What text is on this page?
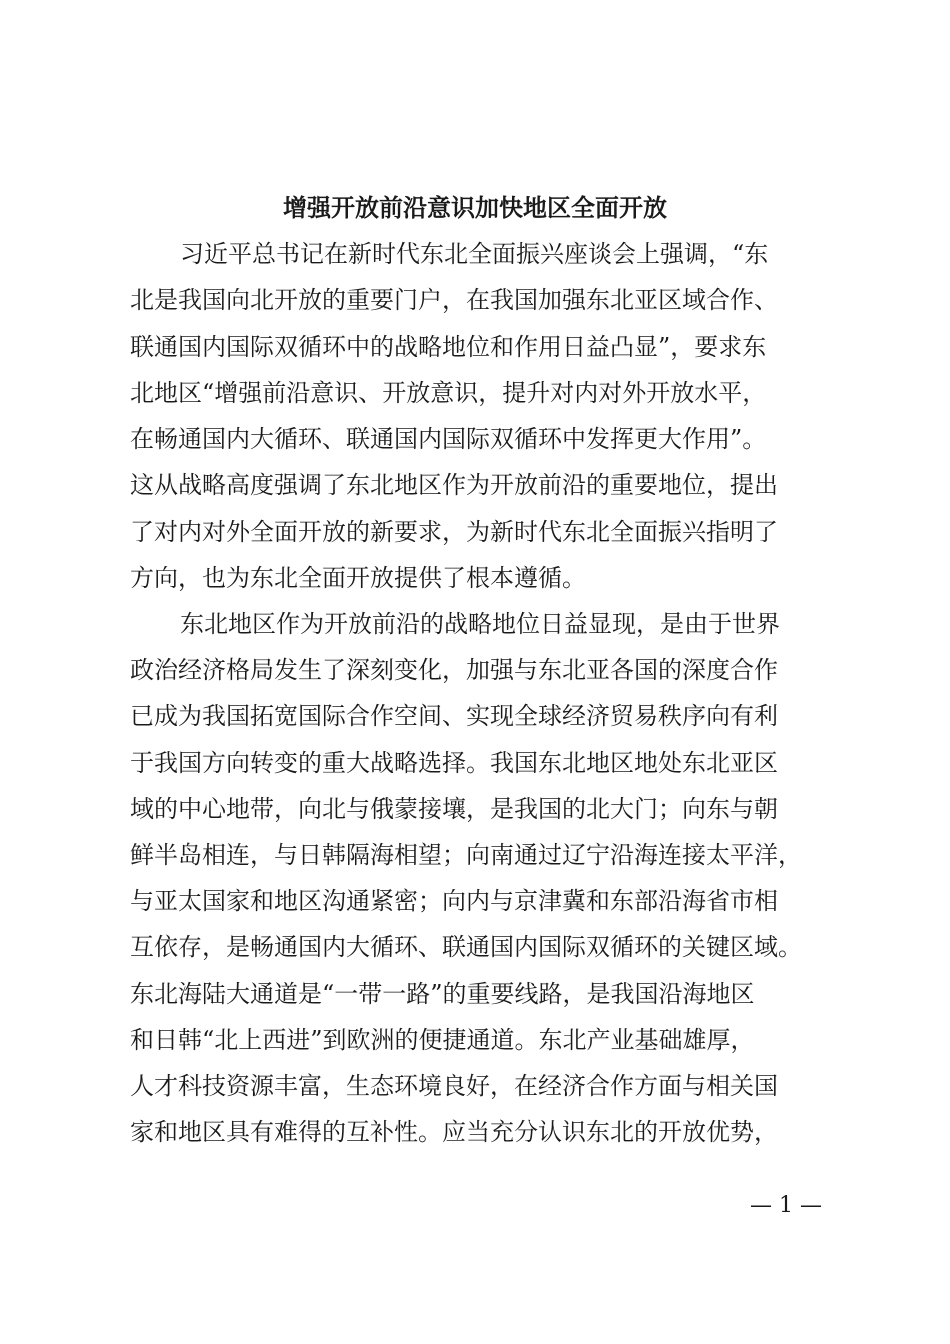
增强开放前沿意识加快地区全面开放
习近平总书记在新时代东北全面振兴座谈会上强调，“东
北是我国向北开放的重要门户，在我国加强东北亚区域合作、
联通国内国际双循环中的战略地位和作用日益凸显”，要求东
北地区“增强前沿意识、开放意识，提升对内对外开放水平，
在畅通国内大循环、联通国内国际双循环中发挥更大作用”。
这从战略高度强调了东北地区作为开放前沿的重要地位，提出
了对内对外全面开放的新要求，为新时代东北全面振兴指明了
方向，也为东北全面开放提供了根本遵循。
东北地区作为开放前沿的战略地位日益显现，是由于世界
政治经济格局发生了深刻变化，加强与东北亚各国的深度合作
已成为我国拓宽国际合作空间、实现全球经济贸易秩序向有利
于我国方向转变的重大战略选择。我国东北地区地处东北亚区
域的中心地带，向北与俄蒙接壤，是我国的北大门；向东与朝
鲜半岛相连，与日韩隔海相望；向南通过辽宁沿海连接太平洋，
与亚太国家和地区沟通紧密；向内与京津冀和东部沿海省市相
互依存，是畅通国内大循环、联通国内国际双循环的关键区域。
东北海陆大通道是“一带一路”的重要线路，是我国沿海地区
和日韩“北上西进”到欧洲的便捷通道。东北产业基础雄厚，
人才科技资源丰富，生态环境良好，在经济合作方面与相关国
家和地区具有难得的互补性。应当充分认识东北的开放优势，
— 1 —
